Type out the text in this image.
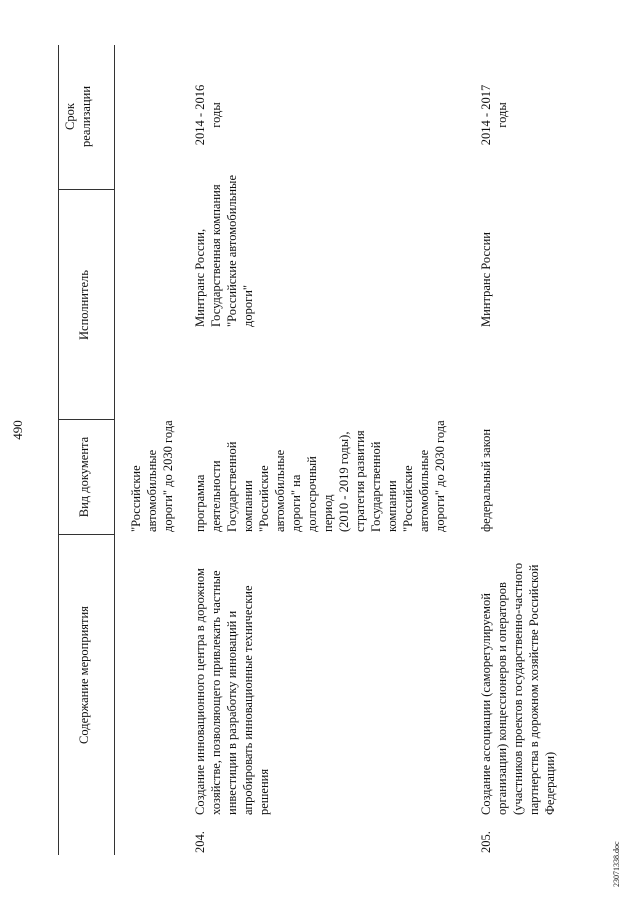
490
Содержание мероприятия
Вид документа
Исполнитель
Срок реализации
"Российские автомобильные дороги" до 2030 года
204.
Создание инновационного центра в дорожном хозяйстве, позволяющего привлекать частные инвестиции в разработку инноваций и апробировать инновационные технические решения
программа деятельности Государственной компании "Российские автомобильные дороги" на долгосрочный период (2010 - 2019 годы), стратегия развития Государственной компании "Российские автомобильные дороги" до 2030 года
Минтранс России, Государственная компания "Российские автомобильные дороги"
2014 - 2016 годы
205.
Создание ассоциации (саморегулируемой организации) концессионеров и операторов (участников проектов государственно-частного партнерства в дорожном хозяйстве Российской Федерации)
федеральный закон
Минтранс России
2014 - 2017 годы
23071338.doc
